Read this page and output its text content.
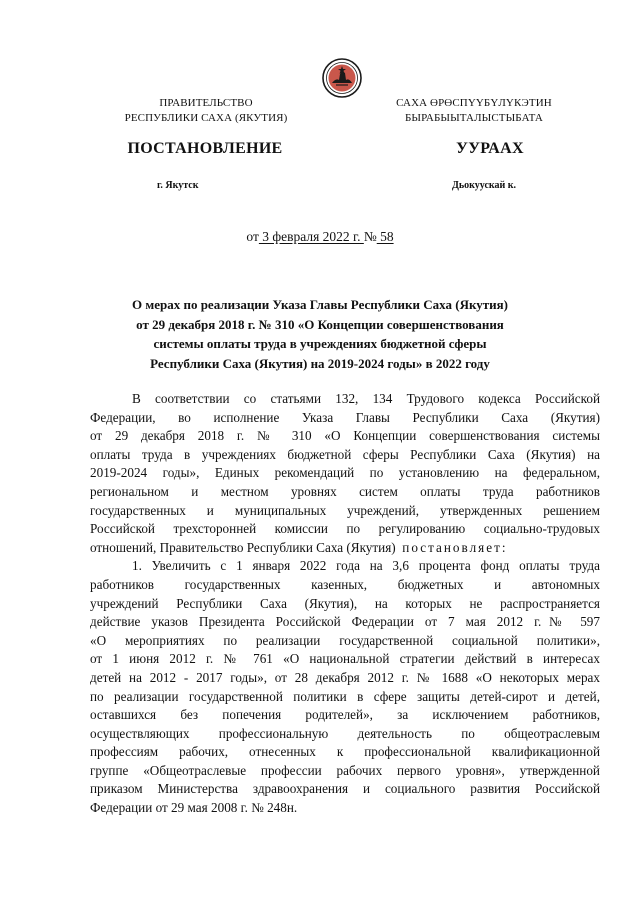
ПРАВИТЕЛЬСТВО
РЕСПУБЛИКИ САХА (ЯКУТИЯ)
САХА ӨРӨСПҮҮБҮЛҮКЭТИН
БЫРАБЫЫТАЛЫСТЫБАТА
ПОСТАНОВЛЕНИЕ	УУРААХ
г. Якутск	Дьокуускай к.
от 3 февраля 2022 г. № 58
О мерах по реализации Указа Главы Республики Саха (Якутия)
от 29 декабря 2018 г. № 310 «О Концепции совершенствования
системы оплаты труда в учреждениях бюджетной сферы
Республики Саха (Якутия) на 2019-2024 годы» в 2022 году
В соответствии со статьями 132, 134 Трудового кодекса Российской
Федерации, во исполнение Указа Главы Республики Саха (Якутия)
от 29 декабря 2018 г. № 310 «О Концепции совершенствования системы
оплаты труда в учреждениях бюджетной сферы Республики Саха (Якутия) на
2019-2024 годы», Единых рекомендаций по установлению на федеральном,
региональном и местном уровнях систем оплаты труда работников
государственных и муниципальных учреждений, утвержденных решением
Российской трехсторонней комиссии по регулированию социально-трудовых
отношений, Правительство Республики Саха (Якутия) постановляет:
1. Увеличить с 1 января 2022 года на 3,6 процента фонд оплаты труда
работников государственных казенных, бюджетных и автономных
учреждений Республики Саха (Якутия), на которых не распространяется
действие указов Президента Российской Федерации от 7 мая 2012 г.№ 597
«О мероприятиях по реализации государственной социальной политики»,
от 1 июня 2012 г. № 761 «О национальной стратегии действий в интересах
детей на 2012 - 2017 годы», от 28 декабря 2012 г. № 1688 «О некоторых мерах
по реализации государственной политики в сфере защиты детей-сирот и детей,
оставшихся без попечения родителей», за исключением работников,
осуществляющих профессиональную деятельность по общеотраслевым
профессиям рабочих, отнесенных к профессиональной квалификационной
группе «Общеотраслевые профессии рабочих первого уровня», утвержденной
приказом Министерства здравоохранения и социального развития Российской
Федерации от 29 мая 2008 г. № 248н.
